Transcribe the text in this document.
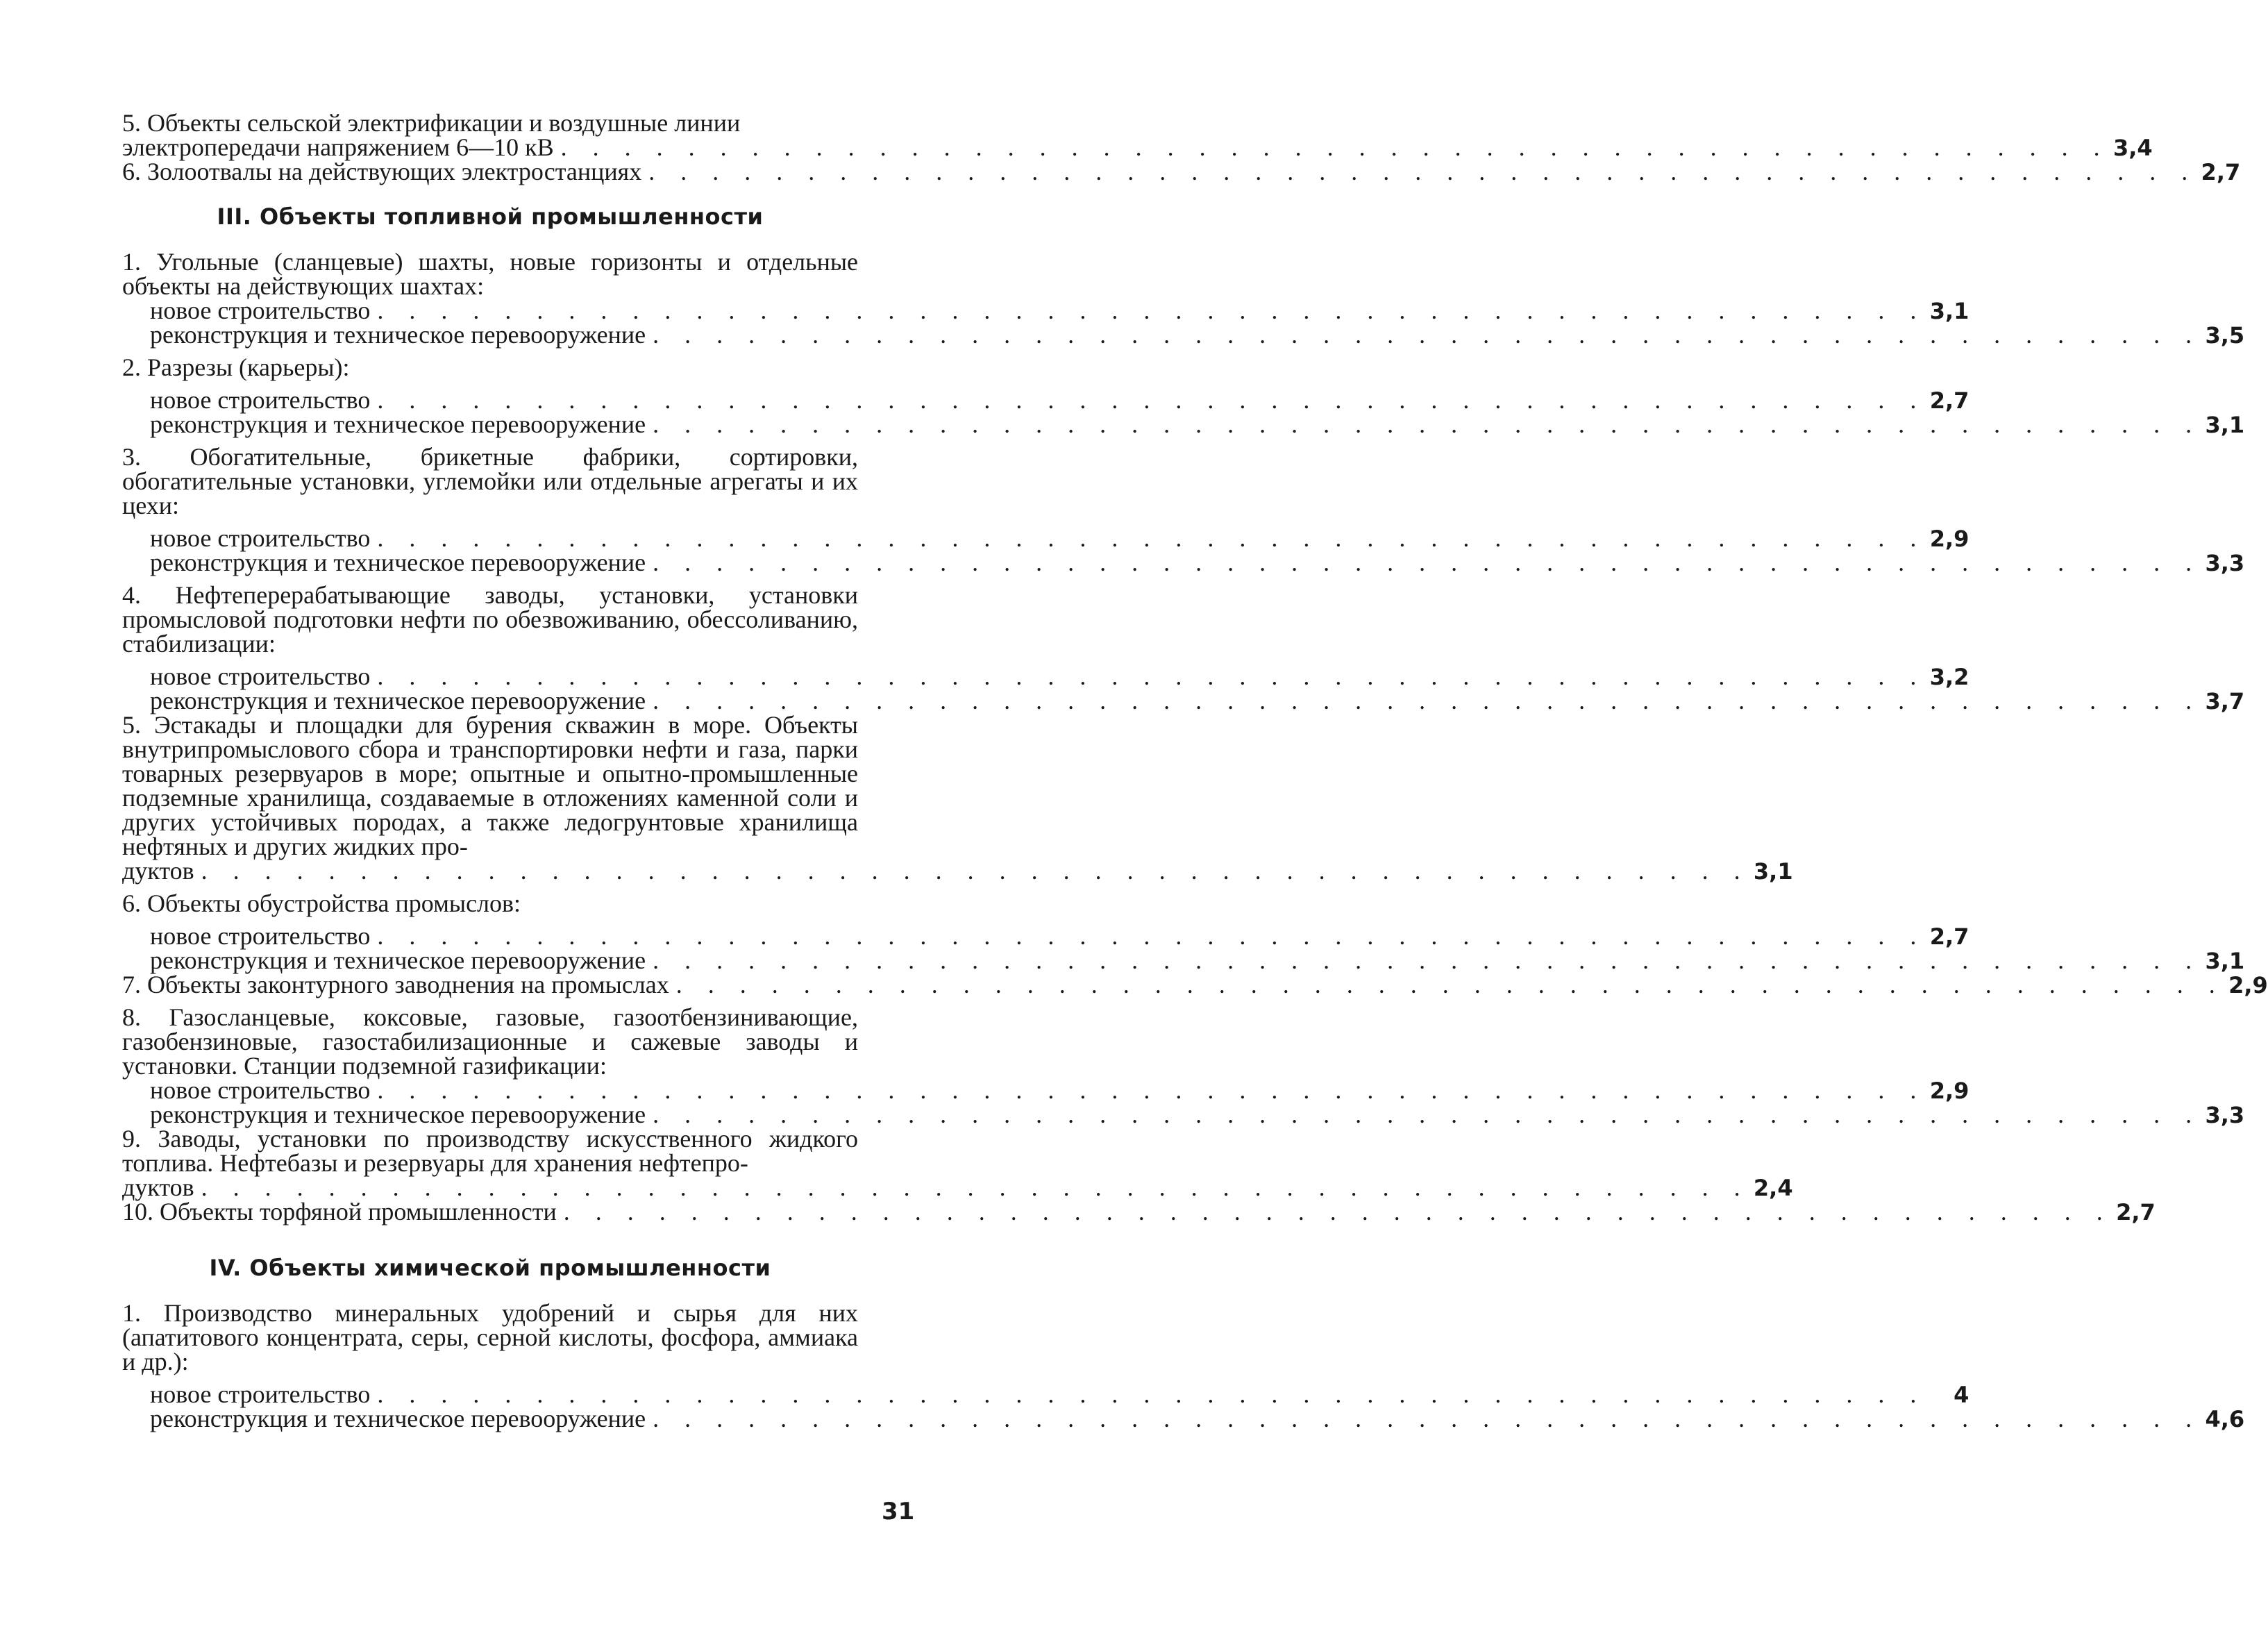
5. Объекты сельской электрификации и воздушные линии

электропередачи напряжением 6—10 кВ . . . . . . . . . . . . . . . . . . . . . . . . . . . . . . . . . . . . . . . . . . . . . . . . . 3,4
6. Золоотвалы на действующих электростанциях . . . . . . . . . . . . . . . . . . . . . . . . . . . . . . . . . . . . . . . . . . . . . . . . . 2,7

III. Объекты топливной промышленности

1. Угольные (сланцевые) шахты, новые горизонты и отдельные объекты на действующих шахтах:

новое строительство . . . . . . . . . . . . . . . . . . . . . . . . . . . . . . . . . . . . . . . . . . . . . . . . . 3,1
реконструкция и техническое перевооружение . . . . . . . . . . . . . . . . . . . . . . . . . . . . . . . . . . . . . . . . . . . . . . . . . 3,5

2. Разрезы (карьеры):

новое строительство . . . . . . . . . . . . . . . . . . . . . . . . . . . . . . . . . . . . . . . . . . . . . . . . . 2,7
реконструкция и техническое перевооружение . . . . . . . . . . . . . . . . . . . . . . . . . . . . . . . . . . . . . . . . . . . . . . . . . 3,1

3. Обогатительные, брикетные фабрики, сортировки, обогатительные установки, углемойки или отдельные агрегаты и их цехи:

новое строительство . . . . . . . . . . . . . . . . . . . . . . . . . . . . . . . . . . . . . . . . . . . . . . . . . 2,9
реконструкция и техническое перевооружение . . . . . . . . . . . . . . . . . . . . . . . . . . . . . . . . . . . . . . . . . . . . . . . . . 3,3

4. Нефтеперерабатывающие заводы, установки, установки промысловой подготовки нефти по обезвоживанию, обессоливанию, стабилизации:

новое строительство . . . . . . . . . . . . . . . . . . . . . . . . . . . . . . . . . . . . . . . . . . . . . . . . . 3,2
реконструкция и техническое перевооружение . . . . . . . . . . . . . . . . . . . . . . . . . . . . . . . . . . . . . . . . . . . . . . . . . 3,7

5. Эстакады и площадки для бурения скважин в море. Объекты внутрипромыслового сбора и транспортировки нефти и газа, парки товарных резервуаров в море; опытные и опытно-промышленные подземные хранилища, создаваемые в отложениях каменной соли и других устойчивых породах, а также ледогрунтовые хранилища нефтяных и других жидких про-

дуктов . . . . . . . . . . . . . . . . . . . . . . . . . . . . . . . . . . . . . . . . . . . . . . . . . 3,1

6. Объекты обустройства промыслов:

новое строительство . . . . . . . . . . . . . . . . . . . . . . . . . . . . . . . . . . . . . . . . . . . . . . . . . 2,7
реконструкция и техническое перевооружение . . . . . . . . . . . . . . . . . . . . . . . . . . . . . . . . . . . . . . . . . . . . . . . . . 3,1
7. Объекты законтурного заводнения на промыслах . . . . . . . . . . . . . . . . . . . . . . . . . . . . . . . . . . . . . . . . . . . . . . . . . 2,9

8. Газосланцевые, коксовые, газовые, газоотбензинивающие, газобензиновые, газостабилизационные и сажевые заводы и установки. Станции подземной газификации:

новое строительство . . . . . . . . . . . . . . . . . . . . . . . . . . . . . . . . . . . . . . . . . . . . . . . . . 2,9
реконструкция и техническое перевооружение . . . . . . . . . . . . . . . . . . . . . . . . . . . . . . . . . . . . . . . . . . . . . . . . . 3,3

9. Заводы, установки по производству искусственного жидкого топлива. Нефтебазы и резервуары для хранения нефтепро-

дуктов . . . . . . . . . . . . . . . . . . . . . . . . . . . . . . . . . . . . . . . . . . . . . . . . . 2,4
10. Объекты торфяной промышленности . . . . . . . . . . . . . . . . . . . . . . . . . . . . . . . . . . . . . . . . . . . . . . . . . 2,7

IV. Объекты химической промышленности

1. Производство минеральных удобрений и сырья для них (апатитового концентрата, серы, серной кислоты, фосфора, аммиака и др.):

новое строительство . . . . . . . . . . . . . . . . . . . . . . . . . . . . . . . . . . . . . . . . . . . . . . . . .	4
реконструкция и техническое перевооружение . . . . . . . . . . . . . . . . . . . . . . . . . . . . . . . . . . . . . . . . . . . . . . . . . 4,6
31
